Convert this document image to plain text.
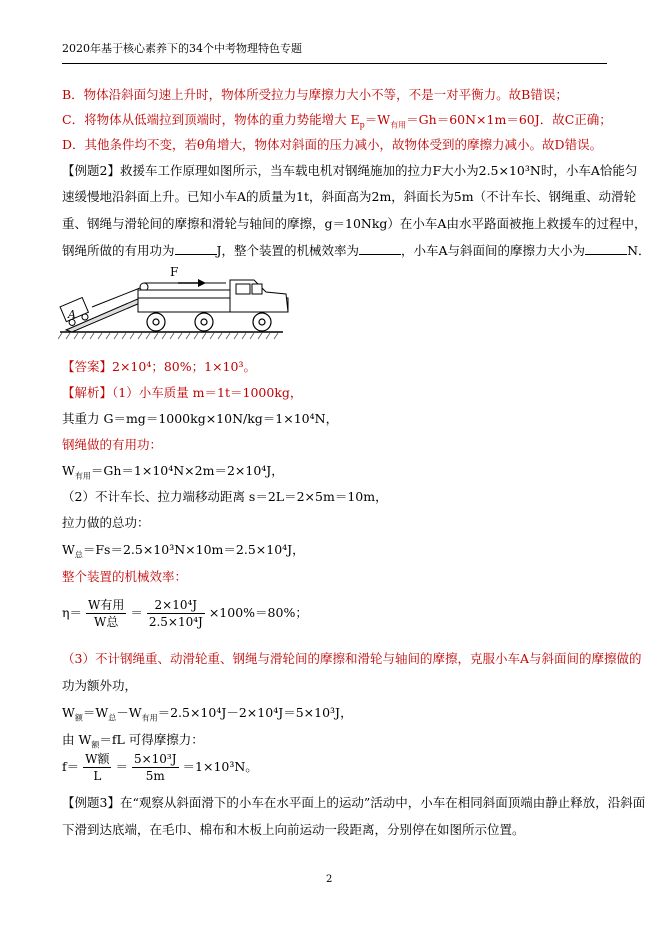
2020年基于核心素养下的34个中考物理特色专题
B．物体沿斜面匀速上升时，物体所受拉力与摩擦力大小不等，不是一对平衡力。故B错误；
C．将物体从低端拉到顶端时，物体的重力势能增大 $E_p=W_{有用}=Gh=60N\times 1m=60J$．故C正确；
D．其他条件均不变，若θ角增大，物体对斜面的压力减小，故物体受到的摩擦力减小。故D错误。
【例题2】救援车工作原理如图所示，当车载电机对钢绳施加的拉力F大小为2.5×10³N时，小车A恰能匀
速缓慢地沿斜面上升。已知小车A的质量为1t，斜面高为2m，斜面长为5m（不计车长、钢绳重、动滑轮
重、钢绳与滑轮间的摩擦和滑轮与轴间的摩擦，g＝10Nkg）在小车A由水平路面被拖上救援车的过程中，
钢绳所做的有用功为	J，整个装置的机械效率为	，小车A与斜面间的摩擦力大小为	N．
A
F
【答案】2×10⁴；80%；1×10³。
【解析】（1）小车质量 m＝1t＝1000kg，
其重力 G＝mg＝1000kg×10N/kg＝1×10⁴N，
钢绳做的有用功：
$W_{有用}=Gh=1\times 10^4N\times 2m=2\times 10^4J$，
（2）不计车长、拉力端移动距离 s＝2L＝2×5m＝10m，
拉力做的总功：
$W_总=Fs=2.5\times 10^3N\times 10m=2.5\times 10^4J$，
整个装置的机械效率：
$\eta= \frac{\text{W有用}}{\text{W总}} = \frac{\text{2×10⁴J}}{\text{2.5×10⁴J}} \times 100\%=80\%$；
（3）不计钢绳重、动滑轮重、钢绳与滑轮间的摩擦和滑轮与轴间的摩擦，克服小车A与斜面间的摩擦做的
功为额外功，
$W_额=W_总-W_{有用}=2.5\times 10^4J-2\times 10^4J=5\times 10^3J$，
由 $W_额=fL$ 可得摩擦力：
$f= \frac{\text{W额}}{L} = \frac{\text{5×10³J}}{5m} =1\times 10^3N$。
【例题3】在“观察从斜面滑下的小车在水平面上的运动”活动中，小车在相同斜面顶端由静止释放，沿斜面
下滑到达底端，在毛巾、棉布和木板上向前运动一段距离，分别停在如图所示位置。
2
